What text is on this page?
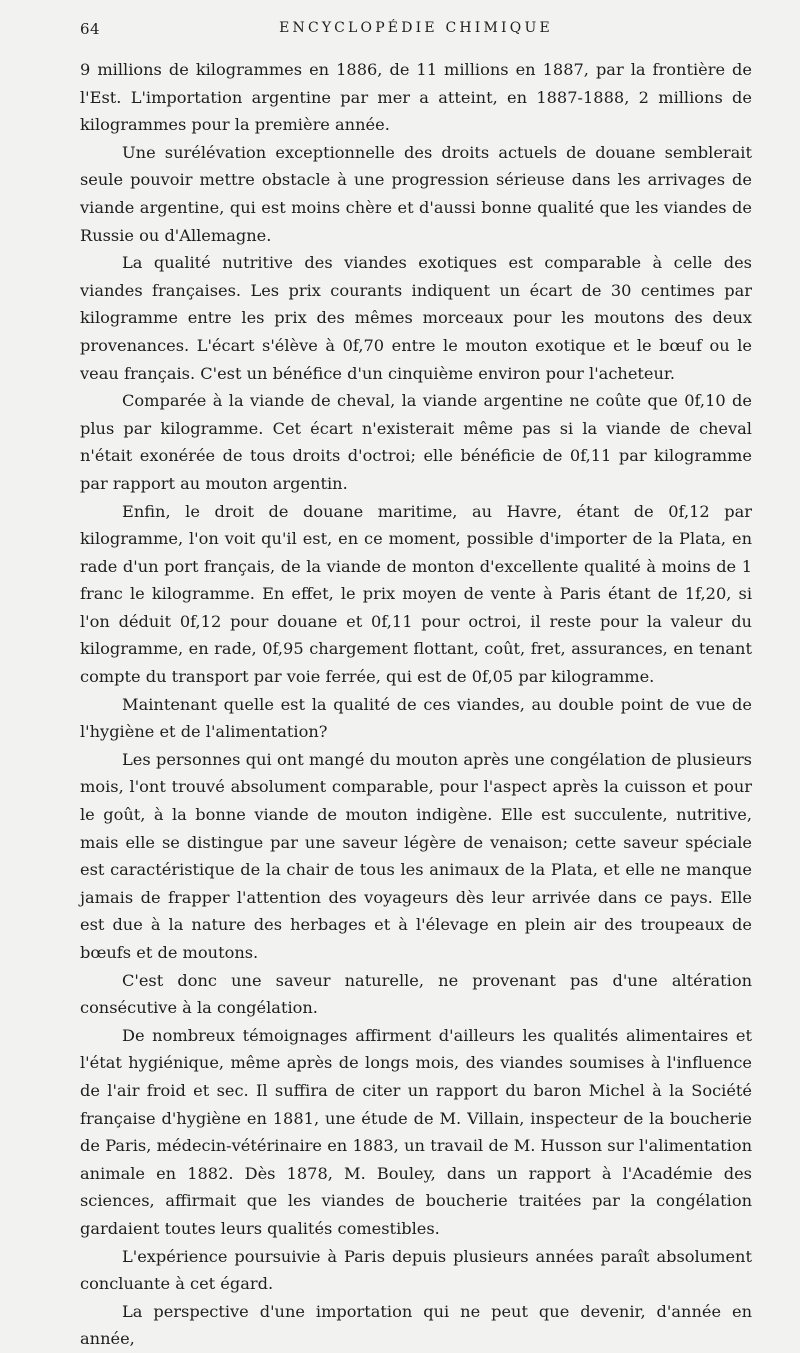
64	ENCYCLOPÉDIE CHIMIQUE

9 millions de kilogrammes en 1886, de 11 millions en 1887, par la frontière de l'Est. L'importation argentine par mer a atteint, en 1887-1888, 2 millions de kilogrammes pour la première année.

Une surélévation exceptionnelle des droits actuels de douane semblerait seule pouvoir mettre obstacle à une progression sérieuse dans les arrivages de viande argentine, qui est moins chère et d'aussi bonne qualité que les viandes de Russie ou d'Allemagne.

La qualité nutritive des viandes exotiques est comparable à celle des viandes françaises. Les prix courants indiquent un écart de 30 centimes par kilogramme entre les prix des mêmes morceaux pour les moutons des deux provenances. L'écart s'élève à 0f,70 entre le mouton exotique et le bœuf ou le veau français. C'est un bénéfice d'un cinquième environ pour l'acheteur.

Comparée à la viande de cheval, la viande argentine ne coûte que 0f,10 de plus par kilogramme. Cet écart n'existerait même pas si la viande de cheval n'était exonérée de tous droits d'octroi; elle bénéficie de 0f,11 par kilogramme par rapport au mouton argentin.

Enfin, le droit de douane maritime, au Havre, étant de 0f,12 par kilogramme, l'on voit qu'il est, en ce moment, possible d'importer de la Plata, en rade d'un port français, de la viande de monton d'excellente qualité à moins de 1 franc le kilogramme. En effet, le prix moyen de vente à Paris étant de 1f,20, si l'on déduit 0f,12 pour douane et 0f,11 pour octroi, il reste pour la valeur du kilogramme, en rade, 0f,95 chargement flottant, coût, fret, assurances, en tenant compte du transport par voie ferrée, qui est de 0f,05 par kilogramme.

Maintenant quelle est la qualité de ces viandes, au double point de vue de l'hygiène et de l'alimentation?

Les personnes qui ont mangé du mouton après une congélation de plusieurs mois, l'ont trouvé absolument comparable, pour l'aspect après la cuisson et pour le goût, à la bonne viande de mouton indigène. Elle est succulente, nutritive, mais elle se distingue par une saveur légère de venaison; cette saveur spéciale est caractéristique de la chair de tous les animaux de la Plata, et elle ne manque jamais de frapper l'attention des voyageurs dès leur arrivée dans ce pays. Elle est due à la nature des herbages et à l'élevage en plein air des troupeaux de bœufs et de moutons.

C'est donc une saveur naturelle, ne provenant pas d'une altération consécutive à la congélation.

De nombreux témoignages affirment d'ailleurs les qualités alimentaires et l'état hygiénique, même après de longs mois, des viandes soumises à l'influence de l'air froid et sec. Il suffira de citer un rapport du baron Michel à la Société française d'hygiène en 1881, une étude de M. Villain, inspecteur de la boucherie de Paris, médecin-vétérinaire en 1883, un travail de M. Husson sur l'alimentation animale en 1882. Dès 1878, M. Bouley, dans un rapport à l'Académie des sciences, affirmait que les viandes de boucherie traitées par la congélation gardaient toutes leurs qualités comestibles.

L'expérience poursuivie à Paris depuis plusieurs années paraît absolument concluante à cet égard.

La perspective d'une importation qui ne peut que devenir, d'année en année,
